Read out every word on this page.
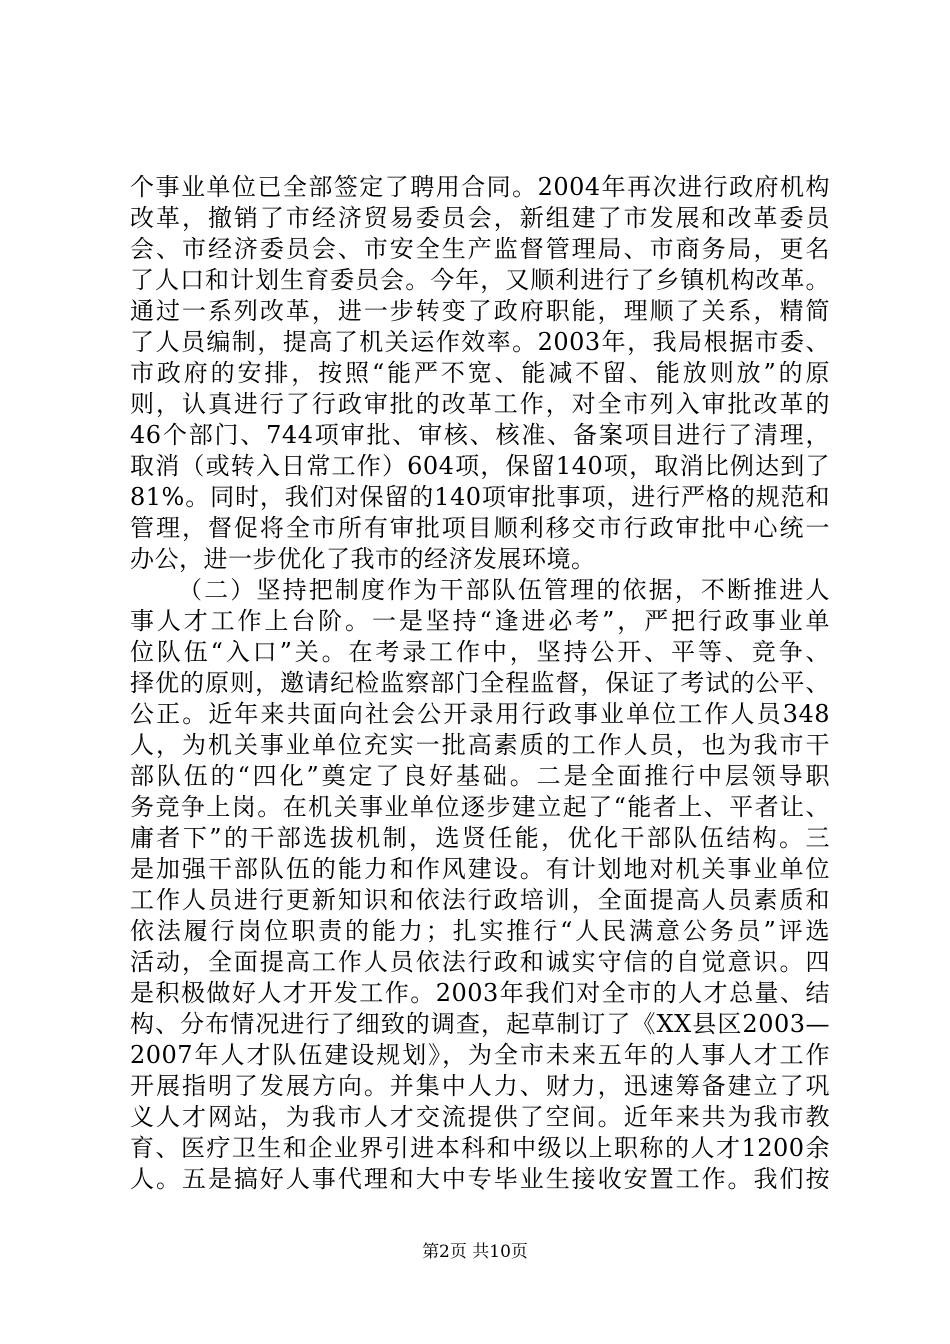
个事业单位已全部签定了聘用合同。2004年再次进行政府机构
改革，撤销了市经济贸易委员会，新组建了市发展和改革委员
会、市经济委员会、市安全生产监督管理局、市商务局，更名
了人口和计划生育委员会。今年，又顺利进行了乡镇机构改革。
通过一系列改革，进一步转变了政府职能，理顺了关系，精简
了人员编制，提高了机关运作效率。2003年，我局根据市委、
市政府的安排，按照“能严不宽、能减不留、能放则放”的原
则，认真进行了行政审批的改革工作，对全市列入审批改革的
46个部门、744项审批、审核、核准、备案项目进行了清理，
取消（或转入日常工作）604项，保留140项，取消比例达到了
81%。同时，我们对保留的140项审批事项，进行严格的规范和
管理，督促将全市所有审批项目顺利移交市行政审批中心统一
办公，进一步优化了我市的经济发展环境。
（二）坚持把制度作为干部队伍管理的依据，不断推进人
事人才工作上台阶。一是坚持“逢进必考”，严把行政事业单
位队伍“入口”关。在考录工作中，坚持公开、平等、竞争、
择优的原则，邀请纪检监察部门全程监督，保证了考试的公平、
公正。近年来共面向社会公开录用行政事业单位工作人员348
人，为机关事业单位充实一批高素质的工作人员，也为我市干
部队伍的“四化”奠定了良好基础。二是全面推行中层领导职
务竞争上岗。在机关事业单位逐步建立起了“能者上、平者让、
庸者下”的干部选拔机制，选贤任能，优化干部队伍结构。三
是加强干部队伍的能力和作风建设。有计划地对机关事业单位
工作人员进行更新知识和依法行政培训，全面提高人员素质和
依法履行岗位职责的能力；扎实推行“人民满意公务员”评选
活动，全面提高工作人员依法行政和诚实守信的自觉意识。四
是积极做好人才开发工作。2003年我们对全市的人才总量、结
构、分布情况进行了细致的调查，起草制订了《XX县区2003—
2007年人才队伍建设规划》，为全市未来五年的人事人才工作
开展指明了发展方向。并集中人力、财力，迅速筹备建立了巩
义人才网站，为我市人才交流提供了空间。近年来共为我市教
育、医疗卫生和企业界引进本科和中级以上职称的人才1200余
人。五是搞好人事代理和大中专毕业生接收安置工作。我们按
第2页 共10页
